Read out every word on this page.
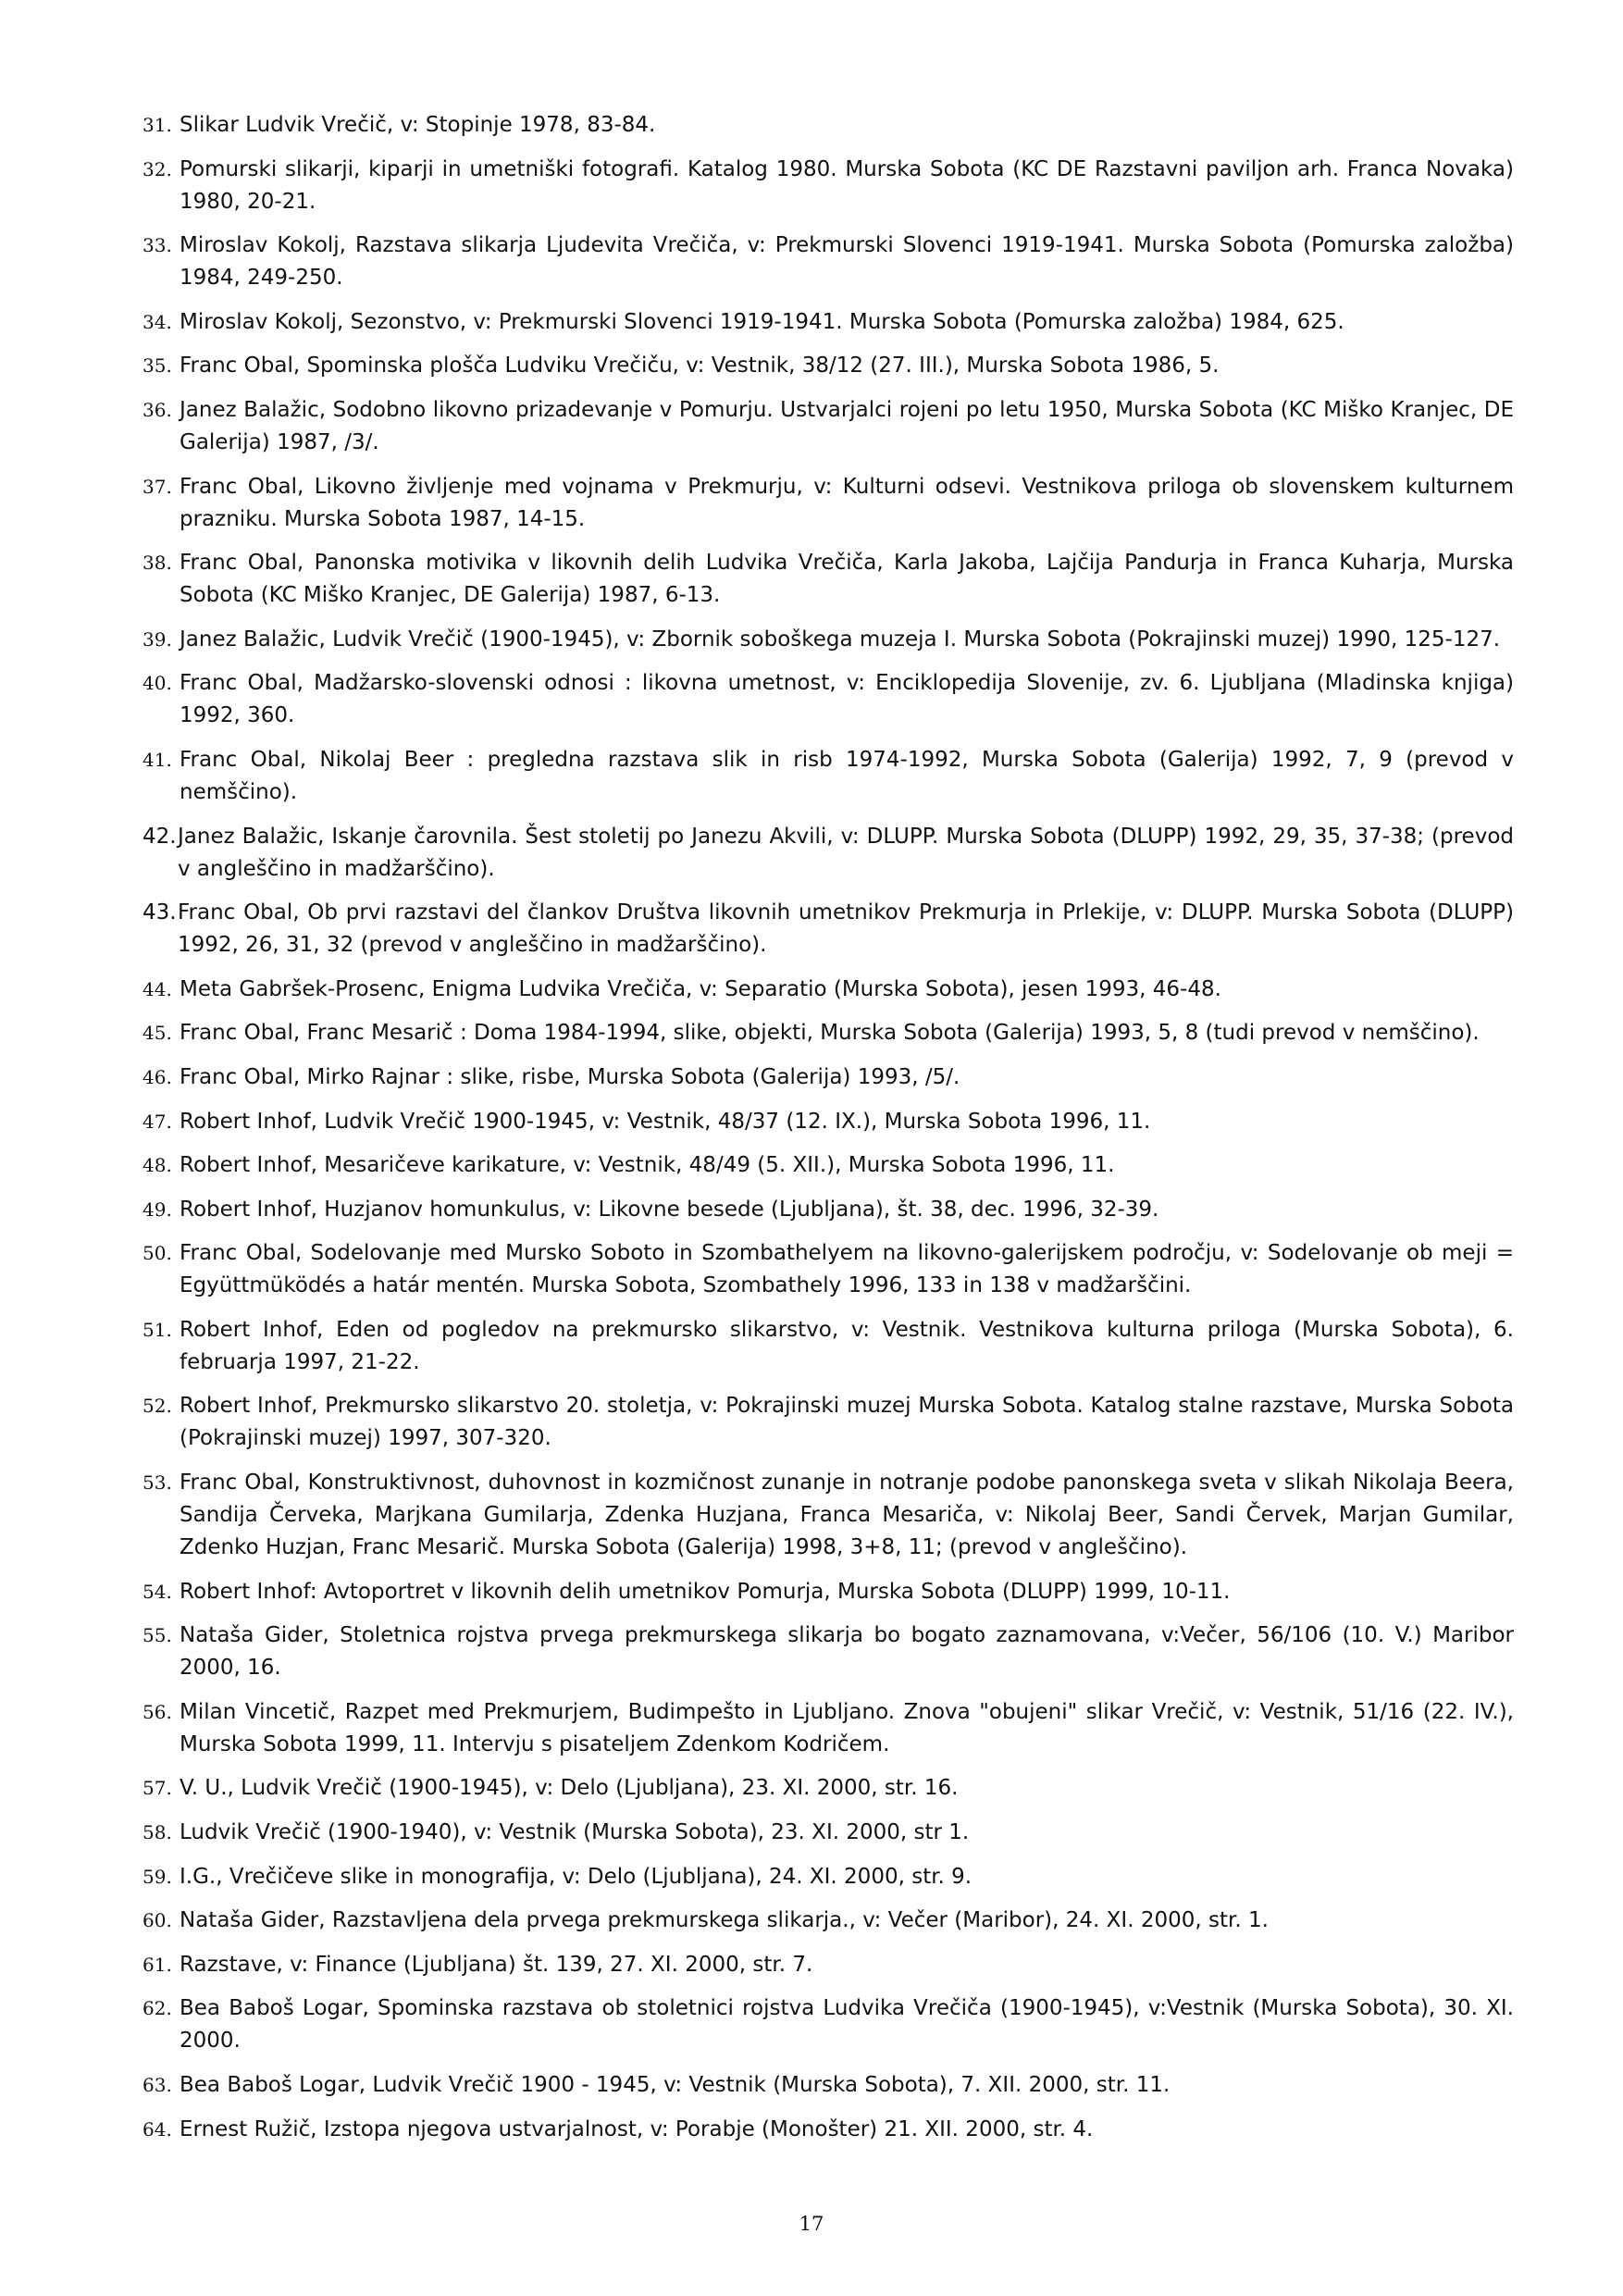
31. Slikar Ludvik Vrečič, v: Stopinje 1978, 83-84.
32. Pomurski slikarji, kiparji in umetniški fotografi. Katalog 1980. Murska Sobota (KC DE Razstavni paviljon arh. Franca Novaka) 1980, 20-21.
33. Miroslav Kokolj, Razstava slikarja Ljudevita Vrečiča, v: Prekmurski Slovenci 1919-1941. Murska Sobota (Pomurska založba) 1984, 249-250.
34. Miroslav Kokolj, Sezonstvo, v: Prekmurski Slovenci 1919-1941. Murska Sobota (Pomurska založba) 1984, 625.
35. Franc Obal, Spominska plošča Ludviku Vrečiču, v: Vestnik, 38/12 (27. III.), Murska Sobota 1986, 5.
36. Janez Balažic, Sodobno likovno prizadevanje v Pomurju. Ustvarjalci rojeni po letu 1950, Murska Sobota (KC Miško Kranjec, DE Galerija) 1987, /3/.
37. Franc Obal, Likovno življenje med vojnama v Prekmurju, v: Kulturni odsevi. Vestnikova priloga ob slovenskem kulturnem prazniku. Murska Sobota 1987, 14-15.
38. Franc Obal, Panonska motivika v likovnih delih Ludvika Vrečiča, Karla Jakoba, Lajčija Pandurja in Franca Kuharja, Murska Sobota (KC Miško Kranjec, DE Galerija) 1987, 6-13.
39. Janez Balažic, Ludvik Vrečič (1900-1945), v: Zbornik soboškega muzeja I. Murska Sobota (Pokrajinski muzej) 1990, 125-127.
40. Franc Obal, Madžarsko-slovenski odnosi : likovna umetnost, v: Enciklopedija Slovenije, zv. 6. Ljubljana (Mladinska knjiga) 1992, 360.
41. Franc Obal, Nikolaj Beer : pregledna razstava slik in risb 1974-1992, Murska Sobota (Galerija) 1992, 7, 9 (prevod v nemščino).
42. Janez Balažic, Iskanje čarovnila. Šest stoletij po Janezu Akvili, v: DLUPP. Murska Sobota (DLUPP) 1992, 29, 35, 37-38; (prevod v angleščino in madžarščino).
43. Franc Obal, Ob prvi razstavi del člankov Društva likovnih umetnikov Prekmurja in Prlekije, v: DLUPP. Murska Sobota (DLUPP) 1992, 26, 31, 32 (prevod v angleščino in madžarščino).
44. Meta Gabršek-Prosenc, Enigma Ludvika Vrečiča, v: Separatio (Murska Sobota), jesen 1993, 46-48.
45. Franc Obal, Franc Mesarič : Doma 1984-1994, slike, objekti, Murska Sobota (Galerija) 1993, 5, 8 (tudi prevod v nemščino).
46. Franc Obal, Mirko Rajnar : slike, risbe, Murska Sobota (Galerija) 1993, /5/.
47. Robert Inhof, Ludvik Vrečič 1900-1945, v: Vestnik, 48/37 (12. IX.), Murska Sobota 1996, 11.
48. Robert Inhof, Mesaričeve karikature, v: Vestnik, 48/49 (5. XII.), Murska Sobota 1996, 11.
49. Robert Inhof, Huzjanov homunkulus, v: Likovne besede (Ljubljana), št. 38, dec. 1996, 32-39.
50. Franc Obal, Sodelovanje med Mursko Soboto in Szombathelyem na likovno-galerijskem področju, v: Sodelovanje ob meji = Együttmüködés a határ mentén. Murska Sobota, Szombathely 1996, 133 in 138 v madžarščini.
51. Robert Inhof, Eden od pogledov na prekmursko slikarstvo, v: Vestnik. Vestnikova kulturna priloga (Murska Sobota), 6. februarja 1997, 21-22.
52. Robert Inhof, Prekmursko slikarstvo 20. stoletja, v: Pokrajinski muzej Murska Sobota. Katalog stalne razstave, Murska Sobota (Pokrajinski muzej) 1997, 307-320.
53. Franc Obal, Konstruktivnost, duhovnost in kozmičnost zunanje in notranje podobe panonskega sveta v slikah Nikolaja Beera, Sandija Červeka, Marjkana Gumilarja, Zdenka Huzjana, Franca Mesariča, v: Nikolaj Beer, Sandi Červek, Marjan Gumilar, Zdenko Huzjan, Franc Mesarič. Murska Sobota (Galerija) 1998, 3+8, 11; (prevod v angleščino).
54. Robert Inhof: Avtoportret v likovnih delih umetnikov Pomurja, Murska Sobota (DLUPP) 1999, 10-11.
55. Nataša Gider, Stoletnica rojstva prvega prekmurskega slikarja bo bogato zaznamovana, v:Večer, 56/106 (10. V.) Maribor 2000, 16.
56. Milan Vincetič, Razpet med Prekmurjem, Budimpešto in Ljubljano. Znova "obujeni" slikar Vrečič, v: Vestnik, 51/16 (22. IV.), Murska Sobota 1999, 11. Intervju s pisateljem Zdenkom Kodričem.
57. V. U., Ludvik Vrečič (1900-1945), v: Delo (Ljubljana), 23. XI. 2000, str. 16.
58. Ludvik Vrečič (1900-1940), v: Vestnik (Murska Sobota), 23. XI. 2000, str 1.
59. I.G., Vrečičeve slike in monografija, v: Delo (Ljubljana), 24. XI. 2000, str. 9.
60. Nataša Gider, Razstavljena dela prvega prekmurskega slikarja., v: Večer (Maribor), 24. XI. 2000, str. 1.
61. Razstave, v: Finance (Ljubljana) št. 139, 27. XI. 2000, str. 7.
62. Bea Baboš Logar, Spominska razstava ob stoletnici rojstva Ludvika Vrečiča (1900-1945), v:Vestnik (Murska Sobota), 30. XI. 2000.
63. Bea Baboš Logar, Ludvik Vrečič 1900 - 1945, v: Vestnik (Murska Sobota), 7. XII. 2000, str. 11.
64. Ernest Ružič, Izstopa njegova ustvarjalnost, v: Porabje (Monošter) 21. XII. 2000, str. 4.
17
